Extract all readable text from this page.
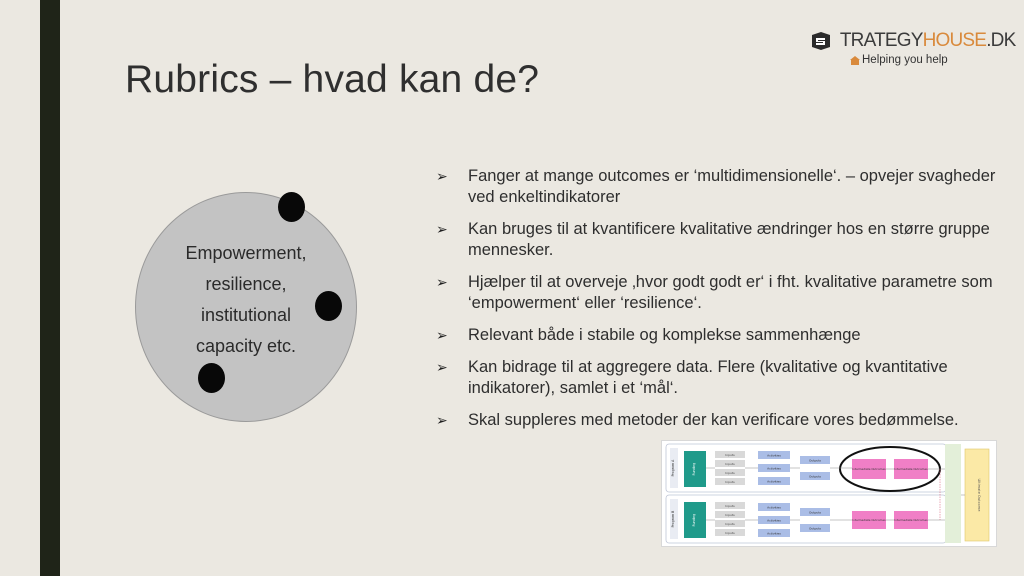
Rubrics – hvad kan de?
TRATEGYHOUSE.DK
Helping you help
Empowerment,
resilience,
institutional
capacity etc.
➢ Fanger at mange outcomes er ‘multidimensionelle‘. – opvejer svagheder ved enkeltindikatorer
➢ Kan bruges til at kvantificere kvalitative ændringer hos en større gruppe mennesker.
➢ Hjælper til at overveje ‚hvor godt godt er‘ i fht. kvalitative parametre som ‘empowerment‘ eller ‘resilience‘.
➢ Relevant både i stabile og komplekse sammenhænge
➢ Kan bidrage til at aggregere data. Flere (kvalitative og kvantitative indikatorer), samlet i et ‘mål‘.
➢ Skal suppleres med metoder der kan verificare vores bedømmelse.
Ultimate Outcome
Program A	Funding
Inputs
Inputs
Inputs
Inputs
Activities
Activities
Activities
Outputs
Outputs
Intermediate Outcomes	Intermediate Outcomes
Program B	Funding
Inputs
Inputs
Inputs
Inputs
Activities
Activities
Activities
Outputs
Outputs
Intermediate Outcomes	Intermediate Outcomes
